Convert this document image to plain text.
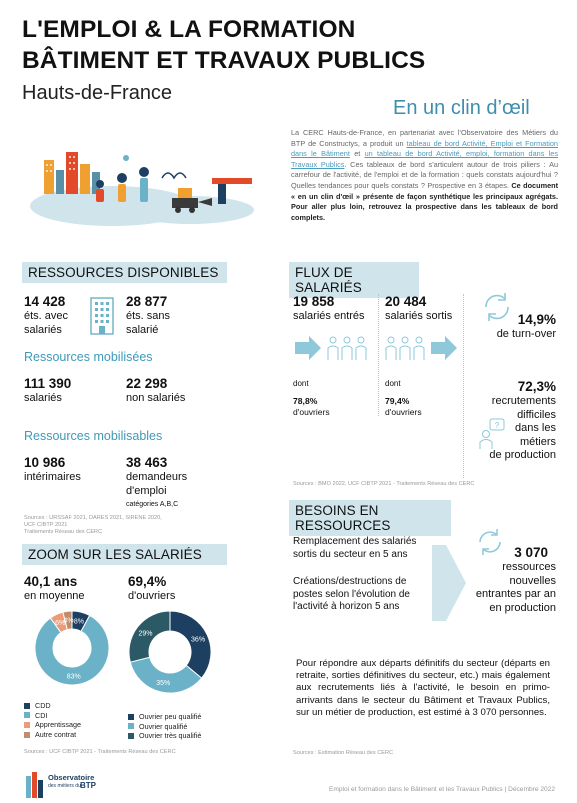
L'EMPLOI & LA FORMATION
BÂTIMENT ET TRAVAUX PUBLICS
Hauts-de-France
En un clin d’œil
La CERC Hauts-de-France, en partenariat avec l'Observatoire des Métiers du BTP de Constructys, a produit un tableau de bord Activité, Emploi et Formation dans le Bâtiment et un tableau de bord Activité, emploi, formation dans les Travaux Publics. Ces tableaux de bord s'articulent autour de trois piliers : Au carrefour de l'activité, de l'emploi et de la formation : quels constats aujourd'hui ? Quelles tendances pour quels constats ? Prospective en 3 étapes. Ce document « en un clin d'œil » présente de façon synthétique les principaux agrégats. Pour aller plus loin, retrouvez la prospective dans les tableaux de bord complets.
RESSOURCES DISPONIBLES
14 428
éts. avec
salariés
28 877
éts. sans
salarié
Ressources mobilisées
111 390
salariés
22 298
non salariés
Ressources mobilisables
10 986
intérimaires
38 463
demandeurs
d'emploi
catégories A,B,C
Sources : URSSAF 2021, DARES 2021, SIRENE 2020,
UCF CIBTP 2021
Traitements Réseau des CERC
ZOOM SUR LES SALARIÉS
40,1 ans
en moyenne
69,4%
d'ouvriers
8%
83%
6%
4%
36%
35%
29%
CDD
CDI
Apprentissage
Autre contrat
Ouvrier peu qualifié
Ouvrier qualifié
Ouvrier très qualifié
Sources : UCF CIBTP 2021 - Traitements Réseau des CERC
FLUX DE SALARIÉS
19 858
salariés entrés
20 484
salariés sortis
dont
78,8%
d'ouvriers
dont
79,4%
d'ouvriers
14,9%
de turn-over
72,3%
recrutements
difficiles
dans les
métiers
de production
?
Sources : BMO 2022, UCF CIBTP 2021 - Traitements Réseau des CERC
BESOINS EN RESSOURCES
Remplacement des salariés
sortis du secteur en 5 ans
Créations/destructions de
postes selon l'évolution de
l'activité à horizon 5 ans
3 070
ressources
nouvelles
entrantes par an
en production
Pour répondre aux départs définitifs du secteur (départs en retraite, sorties définitives du secteur, etc.) mais également aux recrutements liés à l'activité, le besoin en primo-arrivants dans le secteur du Bâtiment et Travaux Publics, sur un métier de production, est estimé à 3 070 personnes.
Sources : Estimation Réseau des CERC
Observatoire
des métiers du BTP	Emploi et formation dans le Bâtiment et les Travaux Publics | Décembre 2022
